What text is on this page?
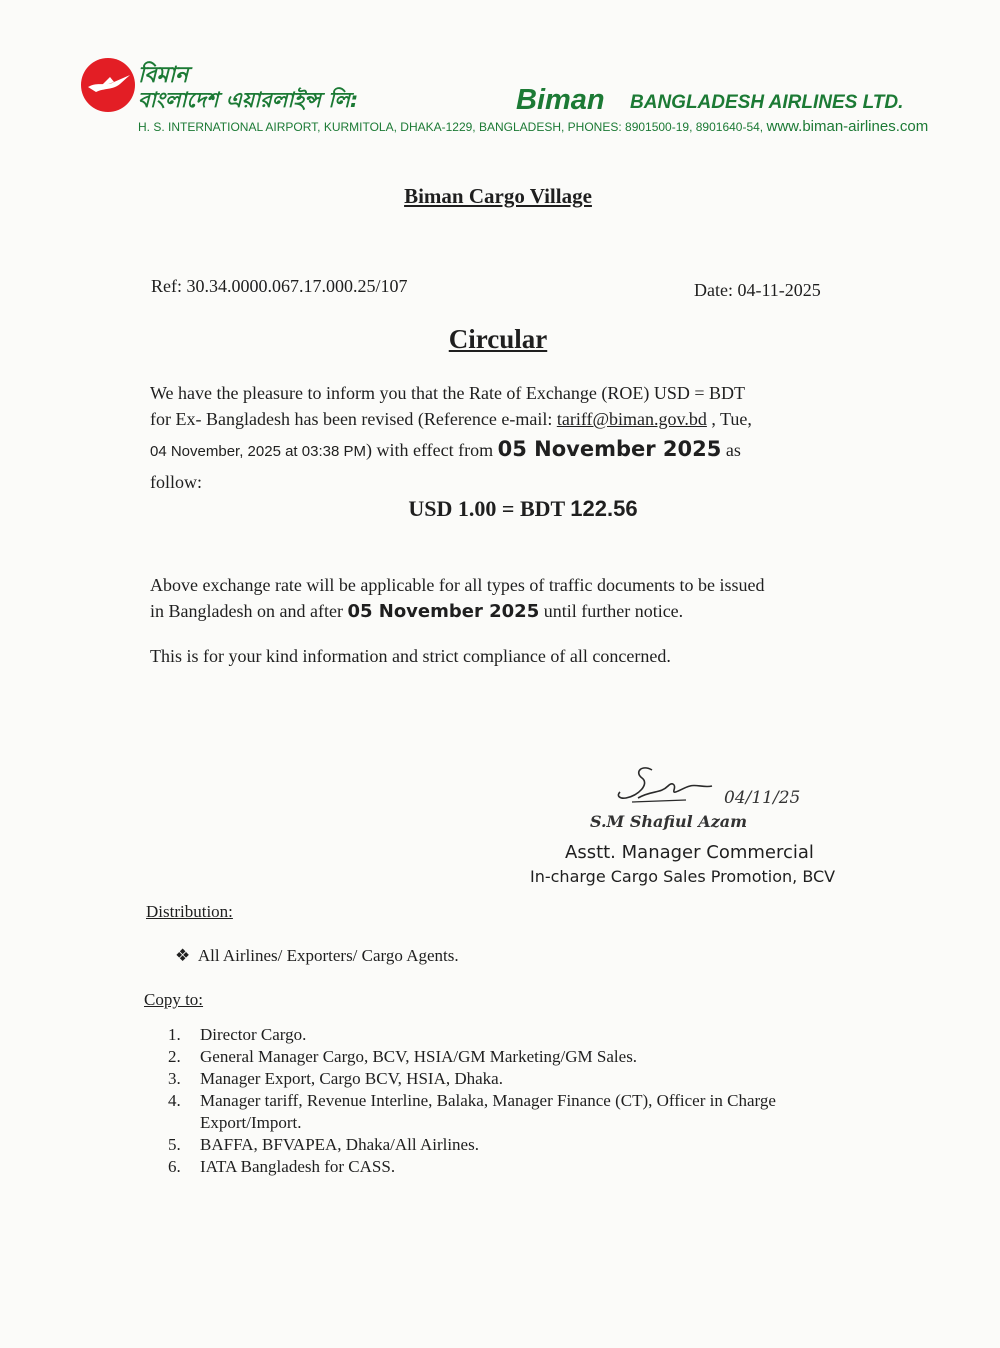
বিমান
বাংলাদেশ এয়ারলাইন্স লি:	Biman BANGLADESH AIRLINES LTD.
H. S. INTERNATIONAL AIRPORT, KURMITOLA, DHAKA-1229, BANGLADESH, PHONES: 8901500-19, 8901640-54, www.biman-airlines.com
Biman Cargo Village
Ref: 30.34.0000.067.17.000.25/107	Date: 04-11-2025
Circular
We have the pleasure to inform you that the Rate of Exchange (ROE) USD = BDT
for Ex- Bangladesh has been revised (Reference e-mail: tariff@biman.gov.bd , Tue,
04 November, 2025 at 03:38 PM) with effect from 05 November 2025 as
follow:
USD 1.00 = BDT 122.56
Above exchange rate will be applicable for all types of traffic documents to be issued
in Bangladesh on and after 05 November 2025 until further notice.
This is for your kind information and strict compliance of all concerned.
04/11/25
S.M Shafiul Azam
Asstt. Manager Commercial
In-charge Cargo Sales Promotion, BCV
Distribution:
❖ All Airlines/ Exporters/ Cargo Agents.
Copy to:
1.	Director Cargo.
2.	General Manager Cargo, BCV, HSIA/GM Marketing/GM Sales.
3.	Manager Export, Cargo BCV, HSIA, Dhaka.
4.	Manager tariff, Revenue Interline, Balaka, Manager Finance (CT), Officer in Charge Export/Import.
5.	BAFFA, BFVAPEA, Dhaka/All Airlines.
6.	IATA Bangladesh for CASS.
